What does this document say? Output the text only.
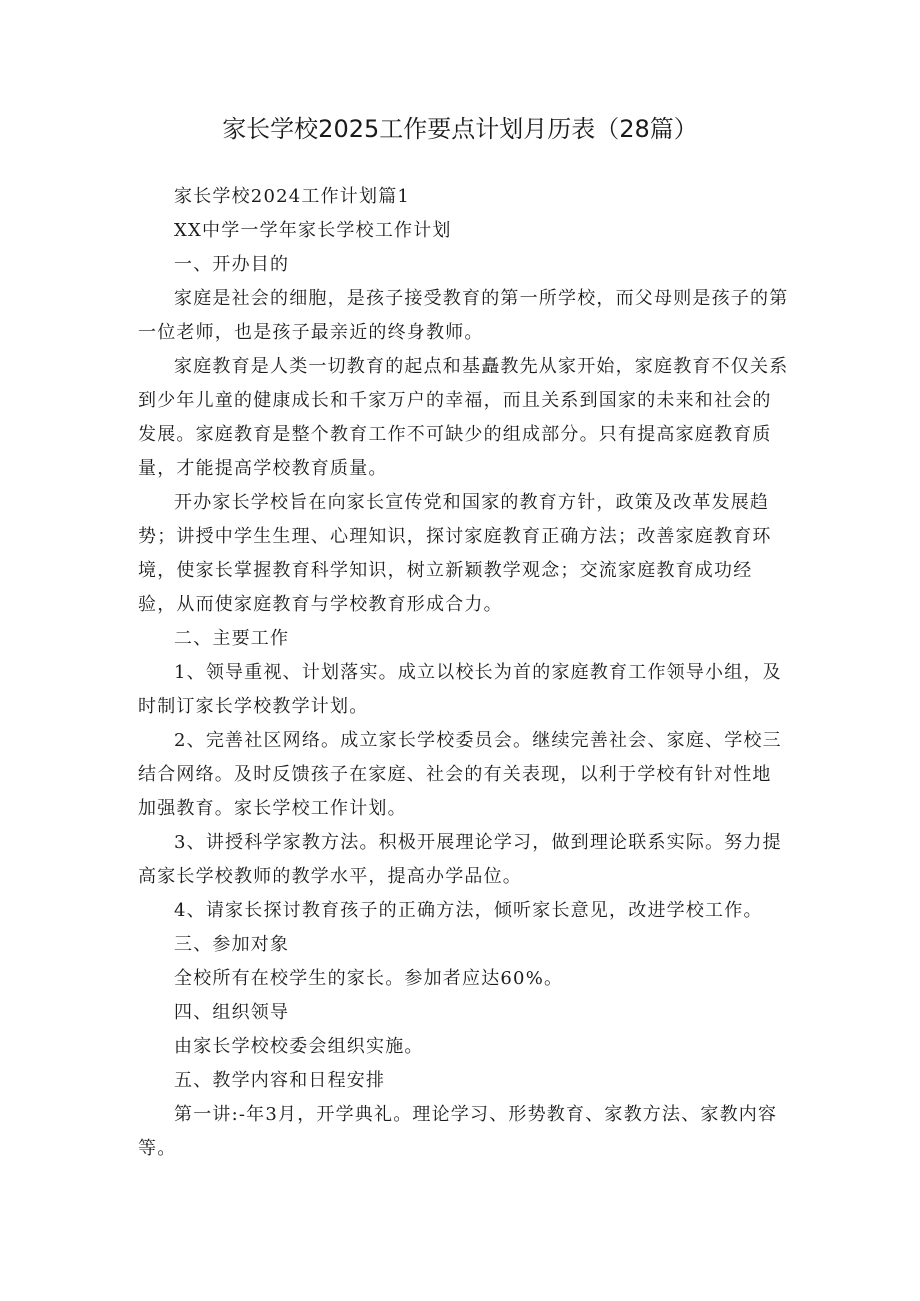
家长学校2025工作要点计划月历表（28篇）

家长学校2024工作计划篇1

XX中学一学年家长学校工作计划

一、开办目的

家庭是社会的细胞，是孩子接受教育的第一所学校，而父母则是孩子的第一位老师，也是孩子最亲近的终身教师。

家庭教育是人类一切教育的起点和基矗教先从家开始，家庭教育不仅关系到少年儿童的健康成长和千家万户的幸福，而且关系到国家的未来和社会的发展。家庭教育是整个教育工作不可缺少的组成部分。只有提高家庭教育质量，才能提高学校教育质量。

开办家长学校旨在向家长宣传党和国家的教育方针，政策及改革发展趋势；讲授中学生生理、心理知识，探讨家庭教育正确方法；改善家庭教育环境，使家长掌握教育科学知识，树立新颖教学观念；交流家庭教育成功经验，从而使家庭教育与学校教育形成合力。

二、主要工作

1、领导重视、计划落实。成立以校长为首的家庭教育工作领导小组，及时制订家长学校教学计划。

2、完善社区网络。成立家长学校委员会。继续完善社会、家庭、学校三结合网络。及时反馈孩子在家庭、社会的有关表现，以利于学校有针对性地加强教育。家长学校工作计划。

3、讲授科学家教方法。积极开展理论学习，做到理论联系实际。努力提高家长学校教师的教学水平，提高办学品位。

4、请家长探讨教育孩子的正确方法，倾听家长意见，改进学校工作。

三、参加对象

全校所有在校学生的家长。参加者应达60%。

四、组织领导

由家长学校校委会组织实施。

五、教学内容和日程安排

第一讲:-年3月，开学典礼。理论学习、形势教育、家教方法、家教内容等。
